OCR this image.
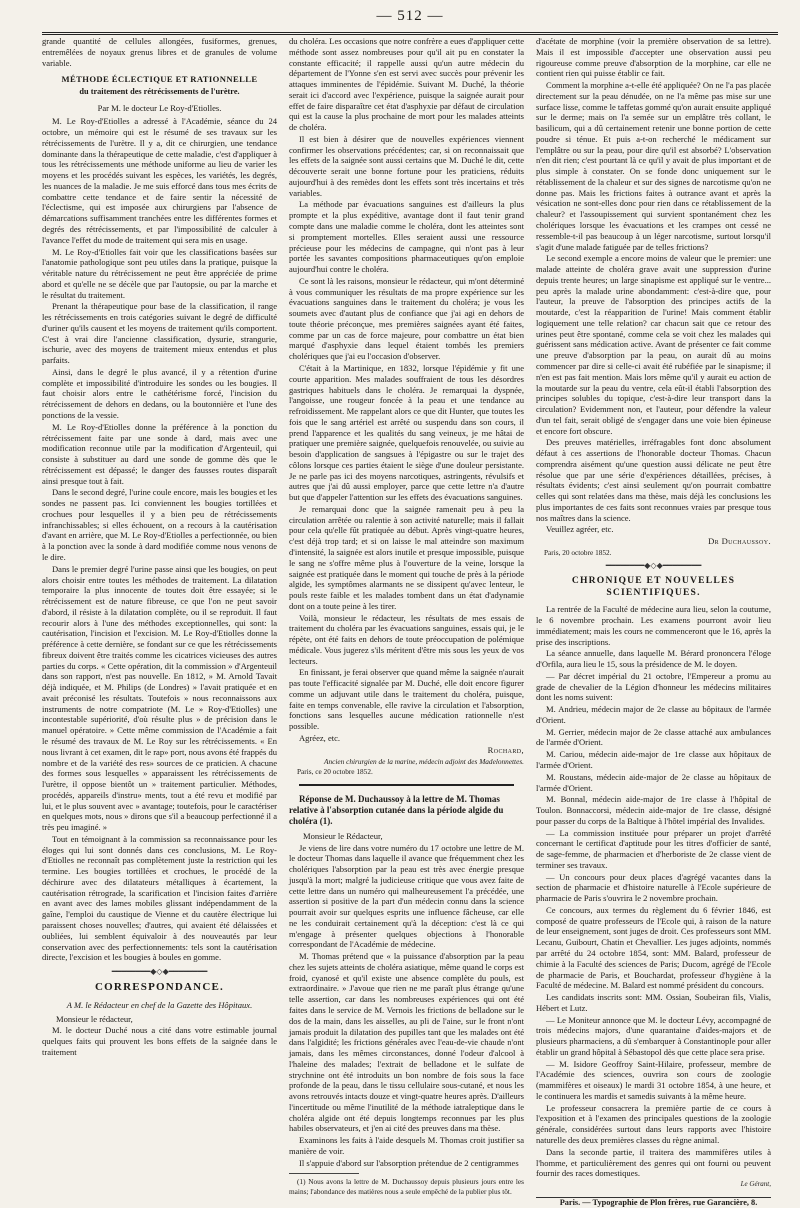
— 512 —

grande quantité de cellules allongées, fusiformes, grenues, entremêlées de noyaux grenus libres et de granules de volume variable.

MÉTHODE ÉCLECTIQUE ET RATIONNELLE
du traitement des rétrécissements de l'urètre.

Par M. le docteur Le Roy-d'Etiolles.

M. Le Roy-d'Etiolles a adressé à l'Académie, séance du 24 octobre, un mémoire qui est le résumé de ses travaux sur les rétrécissements de l'urètre. Il y a, dit ce chirurgien, une tendance dominante dans la thérapeutique de cette maladie, c'est d'appliquer à tous les rétrécissements une méthode uniforme au lieu de varier les moyens et les procédés suivant les espèces, les variétés, les degrés, les nuances de la maladie. Je me suis efforcé dans tous mes écrits de combattre cette tendance et de faire sentir la nécessité de l'éclectisme, qui est imposée aux chirurgiens par l'absence de démarcations suffisamment tranchées entre les différentes formes et degrés des rétrécissements, et par l'impossibilité de calculer à l'avance l'effet du mode de traitement qui sera mis en usage.

M. Le Roy-d'Etiolles fait voir que les classifications basées sur l'anatomie pathologique sont peu utiles dans la pratique, puisque la véritable nature du rétrécissement ne peut être appréciée de prime abord et qu'elle ne se décèle que par l'autopsie, ou par la marche et le résultat du traitement.

Prenant la thérapeutique pour base de la classification, il range les rétrécissements en trois catégories suivant le degré de difficulté d'uriner qu'ils causent et les moyens de traitement qu'ils comportent. C'est à vrai dire l'ancienne classification, dysurie, strangurie, ischurie, avec des moyens de traitement mieux entendus et plus parfaits.

Ainsi, dans le degré le plus avancé, il y a rétention d'urine complète et impossibilité d'introduire les sondes ou les bougies. Il faut choisir alors entre le cathétérisme forcé, l'incision du rétrécissement de dehors en dedans, ou la boutonnière et l'une des ponctions de la vessie.

M. Le Roy-d'Etiolles donne la préférence à la ponction du rétrécissement faite par une sonde à dard, mais avec une modification reconnue utile par la modification d'Argenteuil, qui consiste à substituer au dard une sonde de gomme dès que le rétrécissement est dépassé; le danger des fausses routes disparaît ainsi presque tout à fait.

Dans le second degré, l'urine coule encore, mais les bougies et les sondes ne passent pas. Ici conviennent les bougies tortillées et crochues pour lesquelles il y a bien peu de rétrécissements infranchissables; si elles échouent, on a recours à la cautérisation d'avant en arrière, que M. Le Roy-d'Etiolles a perfectionnée, ou bien à la ponction avec la sonde à dard modifiée comme nous venons de le dire.

Dans le premier degré l'urine passe ainsi que les bougies, on peut alors choisir entre toutes les méthodes de traitement. La dilatation temporaire la plus innocente de toutes doit être essayée; si le rétrécissement est de nature fibreuse, ce que l'on ne peut savoir d'abord, il résiste à la dilatation complète, ou il se reproduit. Il faut recourir alors à l'une des méthodes exceptionnelles, qui sont: la cautérisation, l'incision et l'excision. M. Le Roy-d'Etiolles donne la préférence à cette dernière, se fondant sur ce que les rétrécissements fibreux doivent être traités comme les cicatrices vicieuses des autres parties du corps. « Cette opération, dit la commission » d'Argenteuil dans son rapport, n'est pas nouvelle. En 1812, » M. Arnold Tavait déjà indiquée, et M. Philips (de Londres) » l'avait pratiquée et en avait préconisé les résultats. Toutefois » nous reconnaissons aux instruments de notre compatriote (M. Le » Roy-d'Etiolles) une incontestable supériorité, d'où résulte plus » de précision dans le manuel opératoire. » Cette même commission de l'Académie a fait le résumé des travaux de M. Le Roy sur les rétrécissements. « En nous livrant à cet examen, dit le rap» port, nous avons été frappés du nombre et de la variété des res» sources de ce praticien. A chacune des formes sous lesquelles » apparaissent les rétrécissements de l'urètre, il oppose bientôt un » traitement particulier. Méthodes, procédés, appareils d'instru» ments, tout a été revu et modifié par lui, et le plus souvent avec » avantage; toutefois, pour le caractériser en quelques mots, nous » dirons que s'il a beaucoup perfectionné il a très peu imaginé. »

Tout en témoignant à la commission sa reconnaissance pour les éloges qui lui sont donnés dans ces conclusions, M. Le Roy-d'Etiolles ne reconnaît pas complètement juste la restriction qui les termine. Les bougies tortillées et crochues, le procédé de la déchirure avec des dilatateurs métalliques à écartement, la cautérisation rétrograde, la scarification et l'incision faites d'arrière en avant avec des lames mobiles glissant indépendamment de la gaîne, l'emploi du caustique de Vienne et du cautère électrique lui paraissent choses nouvelles; d'autres, qui avaient été délaissées et oubliées, lui semblent équivaloir à des nouveautés par leur conservation avec des perfectionnements: tels sont la cautérisation directe, l'excision et les bougies à boules en gomme.

━━━━━━━━◆◇◆━━━━━━━━
CORRESPONDANCE.

A M. le Rédacteur en chef de la Gazette des Hôpitaux.

Monsieur le rédacteur,

M. le docteur Duché nous a cité dans votre estimable journal quelques faits qui prouvent les bons effets de la saignée dans le traitement

du choléra. Les occasions que notre confrère a eues d'appliquer cette méthode sont assez nombreuses pour qu'il ait pu en constater la constante efficacité; il rappelle aussi qu'un autre médecin du département de l'Yonne s'en est servi avec succès pour prévenir les attaques imminentes de l'épidémie. Suivant M. Duché, la théorie serait ici d'accord avec l'expérience, puisque la saignée aurait pour effet de faire disparaître cet état d'asphyxie par défaut de circulation qui est la cause la plus prochaine de mort pour les malades atteints de choléra.

Il est bien à désirer que de nouvelles expériences viennent confirmer les observations précédentes; car, si on reconnaissait que les effets de la saignée sont aussi certains que M. Duché le dit, cette découverte serait une bonne fortune pour les praticiens, réduits aujourd'hui à des remèdes dont les effets sont très incertains et très variables.

La méthode par évacuations sanguines est d'ailleurs la plus prompte et la plus expéditive, avantage dont il faut tenir grand compte dans une maladie comme le choléra, dont les atteintes sont si promptement mortelles. Elles seraient aussi une ressource précieuse pour les médecins de campagne, qui n'ont pas à leur portée les savantes compositions pharmaceutiques qu'on emploie aujourd'hui contre le choléra.

Ce sont là les raisons, monsieur le rédacteur, qui m'ont déterminé à vous communiquer les résultats de ma propre expérience sur les évacuations sanguines dans le traitement du choléra; je vous les soumets avec d'autant plus de confiance que j'ai agi en dehors de toute théorie préconçue, mes premières saignées ayant été faites, comme par un cas de force majeure, pour combattre un état bien marqué d'asphyxie dans lequel étaient tombés les premiers cholériques que j'ai eu l'occasion d'observer.

C'était à la Martinique, en 1832, lorsque l'épidémie y fit une courte apparition. Mes malades souffraient de tous les désordres gastriques habituels dans le choléra. Je remarquai la dyspnée, l'angoisse, une rougeur foncée à la peau et une tendance au refroidissement. Me rappelant alors ce que dit Hunter, que toutes les fois que le sang artériel est arrêté ou suspendu dans son cours, il prend l'apparence et les qualités du sang veineux, je me hâtai de pratiquer une première saignée, quelquefois renouvelée, ou suivie au besoin d'application de sangsues à l'épigastre ou sur le trajet des côlons lorsque ces parties étaient le siège d'une douleur persistante. Je ne parle pas ici des moyens narcotiques, astringents, révulsifs et autres que j'ai dû aussi employer, parce que cette lettre n'a d'autre but que d'appeler l'attention sur les effets des évacuations sanguines.

Je remarquai donc que la saignée ramenait peu à peu la circulation arrêtée ou ralentie à son activité naturelle; mais il fallait pour cela qu'elle fût pratiquée au début. Après vingt-quatre heures, c'est déjà trop tard; et si on laisse le mal atteindre son maximum d'intensité, la saignée est alors inutile et presque impossible, puisque le sang ne s'offre même plus à l'ouverture de la veine, lorsque la saignée est pratiquée dans le moment qui touche de près à la période algide, les symptômes alarmants ne se dissipent qu'avec lenteur, le pouls reste faible et les malades tombent dans un état d'adynamie dont on a toute peine à les tirer.

Voilà, monsieur le rédacteur, les résultats de mes essais de traitement du choléra par les évacuations sanguines, essais qui, je le répète, ont été faits en dehors de toute préoccupation de polémique médicale. Vous jugerez s'ils méritent d'être mis sous les yeux de vos lecteurs.

En finissant, je ferai observer que quand même la saignée n'aurait pas toute l'efficacité signalée par M. Duché, elle doit encore figurer comme un adjuvant utile dans le traitement du choléra, puisque, faite en temps convenable, elle ravive la circulation et l'absorption, fonctions sans lesquelles aucune médication rationnelle n'est possible.

Agréez, etc.

Rochard,

Ancien chirurgien de la marine, médecin adjoint des Madelonnettes.

Paris, ce 20 octobre 1852.

Réponse de M. Duchaussoy à la lettre de M. Thomas relative à l'absorption cutanée dans la période algide du choléra (1).

Monsieur le Rédacteur,

Je viens de lire dans votre numéro du 17 octobre une lettre de M. le docteur Thomas dans laquelle il avance que fréquemment chez les cholériques l'absorption par la peau est très avec énergie presque jusqu'à la mort; malgré la judicieuse critique que vous avez faite de cette lettre dans un numéro qui malheureusement l'a précédée, une assertion si positive de la part d'un médecin connu dans la science pourrait avoir sur quelques esprits une influence fâcheuse, car elle ne les conduirait certainement qu'à la déception: c'est là ce qui m'engage à présenter quelques objections à l'honorable correspondant de l'Académie de médecine.

M. Thomas prétend que « la puissance d'absorption par la peau chez les sujets atteints de choléra asiatique, même quand le corps est froid, cyanosé et qu'il existe une absence complète du pouls, est extraordinaire. » J'avoue que rien ne me paraît plus étrange qu'une telle assertion, car dans les nombreuses expériences qui ont été faites dans le service de M. Vernois les frictions de belladone sur le dos de la main, dans les aisselles, au pli de l'aine, sur le front n'ont jamais produit la dilatation des pupilles tant que les malades ont été dans l'algidité; les frictions générales avec l'eau-de-vie chaude n'ont jamais, dans les mêmes circonstances, donné l'odeur d'alcool à l'haleine des malades; l'extrait de belladone et le sulfate de strychnine ont été introduits un bon nombre de fois sous la face profonde de la peau, dans le tissu cellulaire sous-cutané, et nous les avons retrouvés intacts douze et vingt-quatre heures après. D'ailleurs l'incertitude ou même l'inutilité de la méthode iatraleptique dans le choléra algide ont été depuis longtemps reconnues par les plus habiles observateurs, et j'en ai cité des preuves dans ma thèse.

Examinons les faits à l'aide desquels M. Thomas croit justifier sa manière de voir.

Il s'appuie d'abord sur l'absorption prétendue de 2 centigrammes

(1) Nous avons la lettre de M. Duchaussoy depuis plusieurs jours entre les mains; l'abondance des matières nous a seule empêché de la publier plus tôt.

d'acétate de morphine (voir la première observation de sa lettre). Mais il est impossible d'accepter une observation aussi peu rigoureuse comme preuve d'absorption de la morphine, car elle ne contient rien qui puisse établir ce fait.

Comment la morphine a-t-elle été appliquée? On ne l'a pas placée directement sur la peau dénudée, on ne l'a même pas mise sur une surface lisse, comme le taffetas gommé qu'on aurait ensuite appliqué sur le derme; mais on l'a semée sur un emplâtre très collant, le basilicum, qui a dû certainement retenir une bonne portion de cette poudre si ténue. Et puis a-t-on recherché le médicament sur l'emplâtre ou sur la peau, pour dire qu'il est absorbé? L'observation n'en dit rien; c'est pourtant là ce qu'il y avait de plus important et de plus simple à constater. On se fonde donc uniquement sur le rétablissement de la chaleur et sur des signes de narcotisme qu'on ne donne pas. Mais les frictions faites à outrance avant et après la vésication ne sont-elles donc pour rien dans ce rétablissement de la chaleur? et l'assoupissement qui survient spontanément chez les cholériques lorsque les évacuations et les crampes ont cessé ne ressemble-t-il pas beaucoup à un léger narcotisme, surtout lorsqu'il s'agit d'une malade fatiguée par de telles frictions?

Le second exemple a encore moins de valeur que le premier: une malade atteinte de choléra grave avait une suppression d'urine depuis trente heures; un large sinapisme est appliqué sur le ventre... peu après la malade urine abondamment: c'est-à-dire que, pour l'auteur, la preuve de l'absorption des principes actifs de la moutarde, c'est la réapparition de l'urine! Mais comment établir logiquement une telle relation? car chacun sait que ce retour des urines peut être spontané, comme cela se voit chez les malades qui guérissent sans médication active. Avant de présenter ce fait comme une preuve d'absorption par la peau, on aurait dû au moins commencer par dire si celle-ci avait été rubéfiée par le sinapisme; il n'en est pas fait mention. Mais lors même qu'il y aurait eu action de la moutarde sur la peau du ventre, cela eût-il établi l'absorption des principes solubles du topique, c'est-à-dire leur transport dans la circulation? Evidemment non, et l'auteur, pour défendre la valeur d'un tel fait, serait obligé de s'engager dans une voie bien épineuse et encore fort obscure.

Des preuves matérielles, irréfragables font donc absolument défaut à ces assertions de l'honorable docteur Thomas. Chacun comprendra aisément qu'une question aussi délicate ne peut être résolue que par une série d'expériences détaillées, précises, à résultats évidents; c'est ainsi seulement qu'on pourrait combattre celles qui sont relatées dans ma thèse, mais déjà les conclusions les plus importantes de ces faits sont reconnues vraies par presque tous nos maîtres dans la science.

Veuillez agréer, etc.

Dr Duchaussoy.

Paris, 20 octobre 1852.

━━━━━━━━◆◇◆━━━━━━━━
CHRONIQUE ET NOUVELLES SCIENTIFIQUES.

La rentrée de la Faculté de médecine aura lieu, selon la coutume, le 6 novembre prochain. Les examens pourront avoir lieu immédiatement; mais les cours ne commenceront que le 16, après la prise des inscriptions.

La séance annuelle, dans laquelle M. Bérard prononcera l'éloge d'Orfila, aura lieu le 15, sous la présidence de M. le doyen.

— Par décret impérial du 21 octobre, l'Empereur a promu au grade de chevalier de la Légion d'honneur les médecins militaires dont les noms suivent:

M. Andrieu, médecin major de 2e classe au bôpitaux de l'armée d'Orient.

M. Gerrier, médecin major de 2e classe attaché aux ambulances de l'armée d'Orient.

M. Cariou, médecin aide-major de 1re classe aux hôpitaux de l'armée d'Orient.

M. Roustans, médecin aide-major de 2e classe au hôpitaux de l'armée d'Orient.

M. Bonnal, médecin aide-major de 1re classe à l'hôpital de Toulon. Bonnaccorsi, médecin aide-major de 1re classe, désigné pour passer du corps de la Baltique à l'hôtel impérial des Invalides.

— La commission instituée pour préparer un projet d'arrêté concernant le certificat d'aptitude pour les titres d'officier de santé, de sage-femme, de pharmacien et d'herboriste de 2e classe vient de terminer ses travaux.

— Un concours pour deux places d'agrégé vacantes dans la section de pharmacie et d'histoire naturelle à l'Ecole supérieure de pharmacie de Paris s'ouvrira le 2 novembre prochain.

Ce concours, aux termes du règlement du 6 février 1846, est composé de quatre professeurs de l'Ecole qui, à raison de la nature de leur enseignement, sont juges de droit. Ces professeurs sont MM. Lecanu, Guibourt, Chatin et Chevallier. Les juges adjoints, nommés par arrêté du 24 octobre 1854, sont: MM. Balard, professeur de chimie à la Faculté des sciences de Paris; Ducom, agrégé de l'Ecole de pharmacie de Paris, et Bouchardat, professeur d'hygiène à la Faculté de médecine. M. Balard est nommé président du concours.

Les candidats inscrits sont: MM. Ossian, Soubeiran fils, Vialis, Hébert et Lutz.

— Le Moniteur annonce que M. le docteur Lévy, accompagné de trois médecins majors, d'une quarantaine d'aides-majors et de plusieurs pharmaciens, a dû s'embarquer à Constantinople pour aller établir un grand hôpital à Sébastopol dès que cette place sera prise.

— M. Isidore Geoffroy Saint-Hilaire, professeur, membre de l'Académie des sciences, ouvrira son cours de zoologie (mammifères et oiseaux) le mardi 31 octobre 1854, à une heure, et le continuera les mardis et samedis suivants à la même heure.

Le professeur consacrera la première partie de ce cours à l'exposition et à l'examen des principales questions de la zoologie générale, considérées surtout dans leurs rapports avec l'histoire naturelle des deux premières classes du règne animal.

Dans la seconde partie, il traitera des mammifères utiles à l'homme, et particulièrement des genres qui ont fourni ou peuvent fournir des races domestiques.

Le Gérant,

Paris. — Typographie de Plon frères, rue Garancière, 8.
